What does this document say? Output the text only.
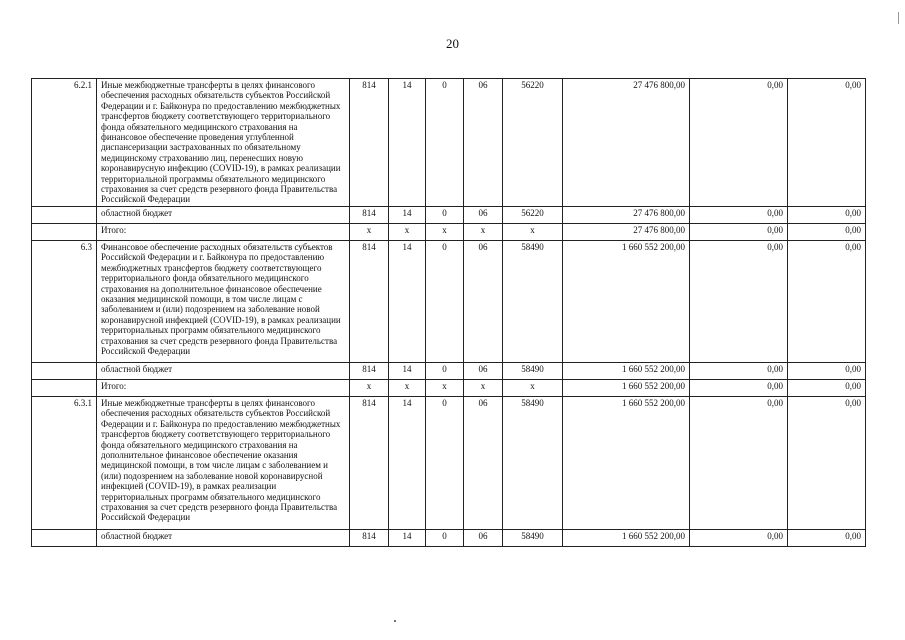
20
6.2.1	Иные межбюджетные трансферты в целях финансового обеспечения расходных обязательств субъектов Российской Федерации и г. Байконура по предоставлению межбюджетных трансфертов бюджету соответствующего территориального фонда обязательного медицинского страхования на финансовое обеспечение проведения углубленной диспансеризации застрахованных по обязательному медицинскому страхованию лиц, перенесших новую коронавирусную инфекцию (COVID-19), в рамках реализации территориальной программы обязательного медицинского страхования за счет средств резервного фонда Правительства Российской Федерации	814	14	0	06	56220	27 476 800,00	0,00	0,00
	областной бюджет	814	14	0	06	56220	27 476 800,00	0,00	0,00
	Итого:	х	х	х	х	х	27 476 800,00	0,00	0,00
6.3	Финансовое обеспечение расходных обязательств субъектов Российской Федерации и г. Байконура по предоставлению межбюджетных трансфертов бюджету соответствующего территориального фонда обязательного медицинского страхования на дополнительное финансовое обеспечение оказания медицинской помощи, в том числе лицам с заболеванием и (или) подозрением на заболевание новой коронавирусной инфекцией (COVID-19), в рамках реализации территориальных программ обязательного медицинского страхования за счет средств резервного фонда Правительства Российской Федерации	814	14	0	06	58490	1 660 552 200,00	0,00	0,00
	областной бюджет	814	14	0	06	58490	1 660 552 200,00	0,00	0,00
	Итого:	х	х	х	х	х	1 660 552 200,00	0,00	0,00
6.3.1	Иные межбюджетные трансферты в целях финансового обеспечения расходных обязательств субъектов Российской Федерации и г. Байконура по предоставлению межбюджетных трансфертов бюджету соответствующего территориального фонда обязательного медицинского страхования на дополнительное финансовое обеспечение оказания медицинской помощи, в том числе лицам с заболеванием и (или) подозрением на заболевание новой коронавирусной инфекцией (COVID-19), в рамках реализации территориальных программ обязательного медицинского страхования за счет средств резервного фонда Правительства Российской Федерации	814	14	0	06	58490	1 660 552 200,00	0,00	0,00
	областной бюджет	814	14	0	06	58490	1 660 552 200,00	0,00	0,00
